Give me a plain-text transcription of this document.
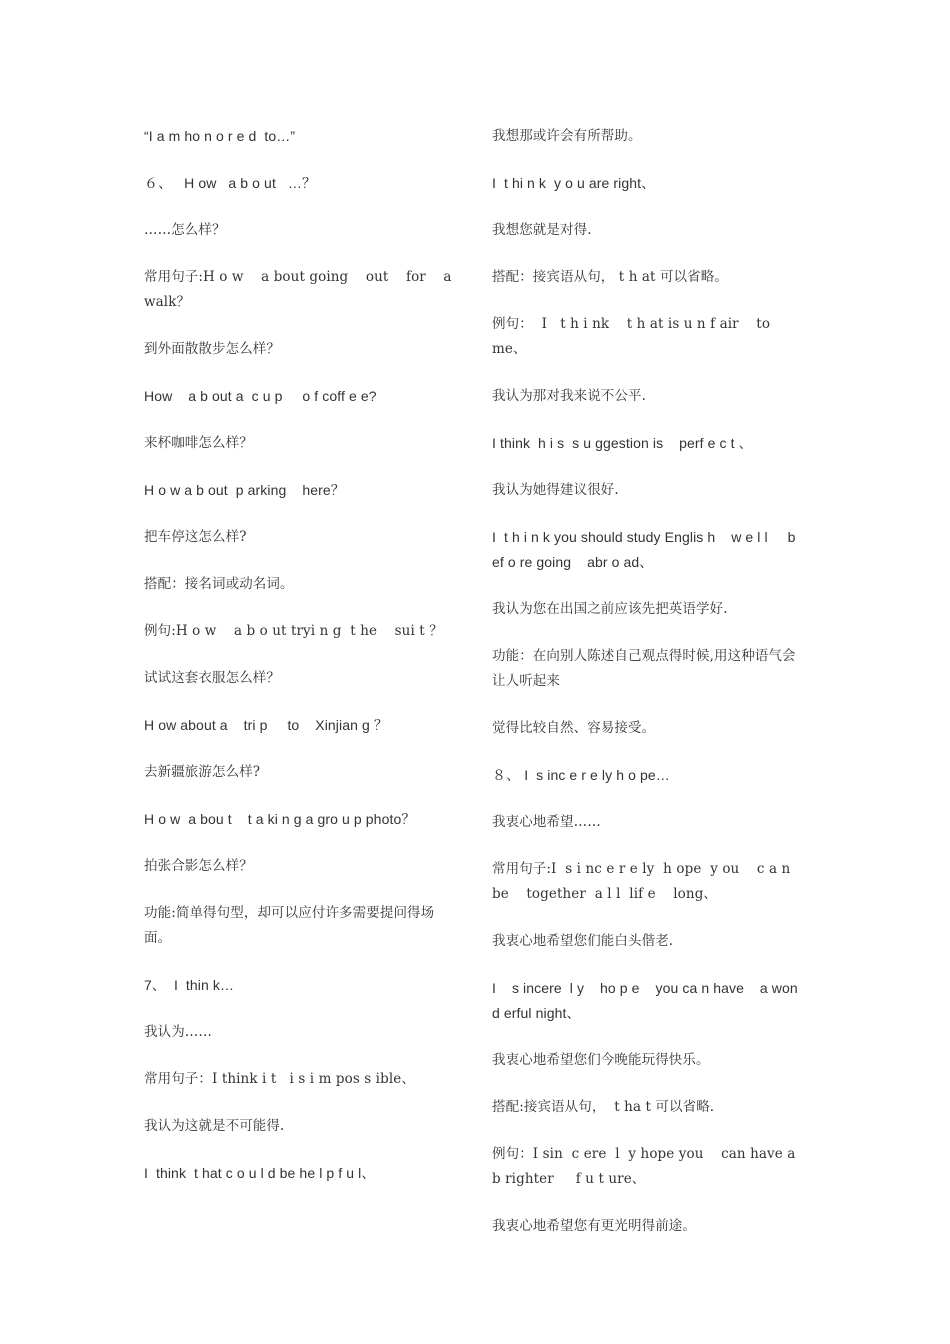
“I a m ho n o r e d  to…”

６、   H ow   a b o ut   …？

……怎么样？

常用句子:H o w    a bout going    out    for    a walk？

到外面散散步怎么样？

How    a b out a  c u p     o f coff e e?

来杯咖啡怎么样？

H o w a b out  p arking    here？

把车停这怎么样?

搭配：接名词或动名词。

例句:H o w    a b o ut tryi n g  t he    sui t ？

试试这套衣服怎么样？

H ow about a    tri p     to    Xinjian g ？

去新疆旅游怎么样?

H o w  a bou t    t a ki n g a gro u p photo？

拍张合影怎么样？

功能:简单得句型，却可以应付许多需要提问得场面。

7、  I  thin k…

我认为……

常用句子：I think i t   i s i m pos s ible、

我认为这就是不可能得.

I  think  t hat c o u l d be he l p f u l、

我想那或许会有所帮助。

I  t hi n k  y o u are right、

我想您就是对得.

搭配：接宾语从句， t h at 可以省略。

例句：  I   t h i nk    t h at is u n f air    to me、

我认为那对我来说不公平.

I think  h i s  s u ggestion is    perf e c t 、

我认为她得建议很好.

I  t h i n k you should study Englis h    w e l l     b ef o re going    abr o ad、

我认为您在出国之前应该先把英语学好.

功能：在向别人陈述自己观点得时候,用这种语气会让人听起来

觉得比较自然、容易接受。

８、 I  s inc e r e ly h o pe…

我衷心地希望……

常用句子:I  s i nc e r e ly  h ope  y ou    c a n be    together  a l l  lif e    long、

我衷心地希望您们能白头偕老.

I    s incere  l y    ho p e    you ca n have    a won d erful night、

我衷心地希望您们今晚能玩得快乐。

搭配:接宾语从句，  t ha t 可以省略.

例句：I sin  c ere  l  y hope you    can have a  b righter     f u t ure、

我衷心地希望您有更光明得前途。
